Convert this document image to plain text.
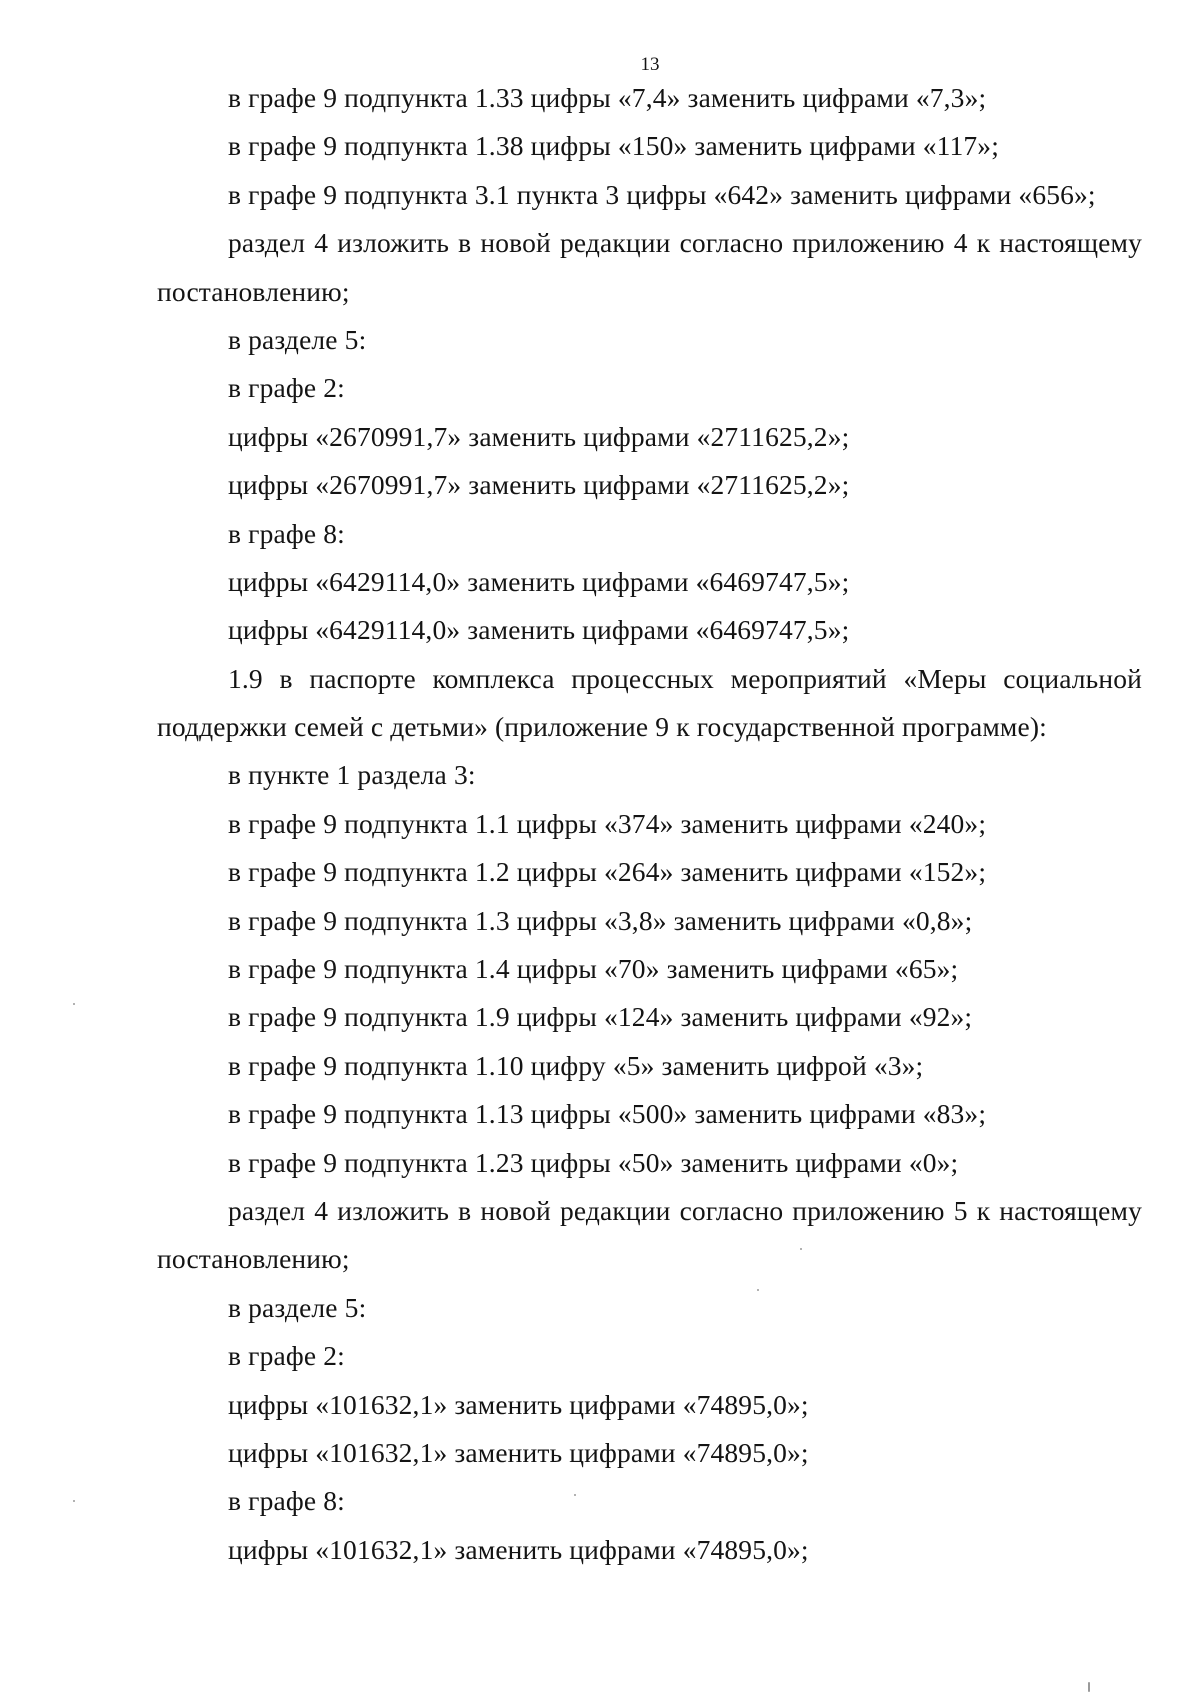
13
в графе 9 подпункта 1.33 цифры «7,4» заменить цифрами «7,3»;
в графе 9 подпункта 1.38 цифры «150» заменить цифрами «117»;
в графе 9 подпункта 3.1 пункта 3 цифры «642» заменить цифрами «656»;
раздел 4 изложить в новой редакции согласно приложению 4 к настоящему
постановлению;
в разделе 5:
в графе 2:
цифры «2670991,7» заменить цифрами «2711625,2»;
цифры «2670991,7» заменить цифрами «2711625,2»;
в графе 8:
цифры «6429114,0» заменить цифрами «6469747,5»;
цифры «6429114,0» заменить цифрами «6469747,5»;
1.9 в паспорте комплекса процессных мероприятий «Меры социальной
поддержки семей с детьми» (приложение 9 к государственной программе):
в пункте 1 раздела 3:
в графе 9 подпункта 1.1 цифры «374» заменить цифрами «240»;
в графе 9 подпункта 1.2 цифры «264» заменить цифрами «152»;
в графе 9 подпункта 1.3 цифры «3,8» заменить цифрами «0,8»;
в графе 9 подпункта 1.4 цифры «70» заменить цифрами «65»;
в графе 9 подпункта 1.9 цифры «124» заменить цифрами «92»;
в графе 9 подпункта 1.10 цифру «5» заменить цифрой «3»;
в графе 9 подпункта 1.13 цифры «500» заменить цифрами «83»;
в графе 9 подпункта 1.23 цифры «50» заменить цифрами «0»;
раздел 4 изложить в новой редакции согласно приложению 5 к настоящему
постановлению;
в разделе 5:
в графе 2:
цифры «101632,1» заменить цифрами «74895,0»;
цифры «101632,1» заменить цифрами «74895,0»;
в графе 8:
цифры «101632,1» заменить цифрами «74895,0»;
